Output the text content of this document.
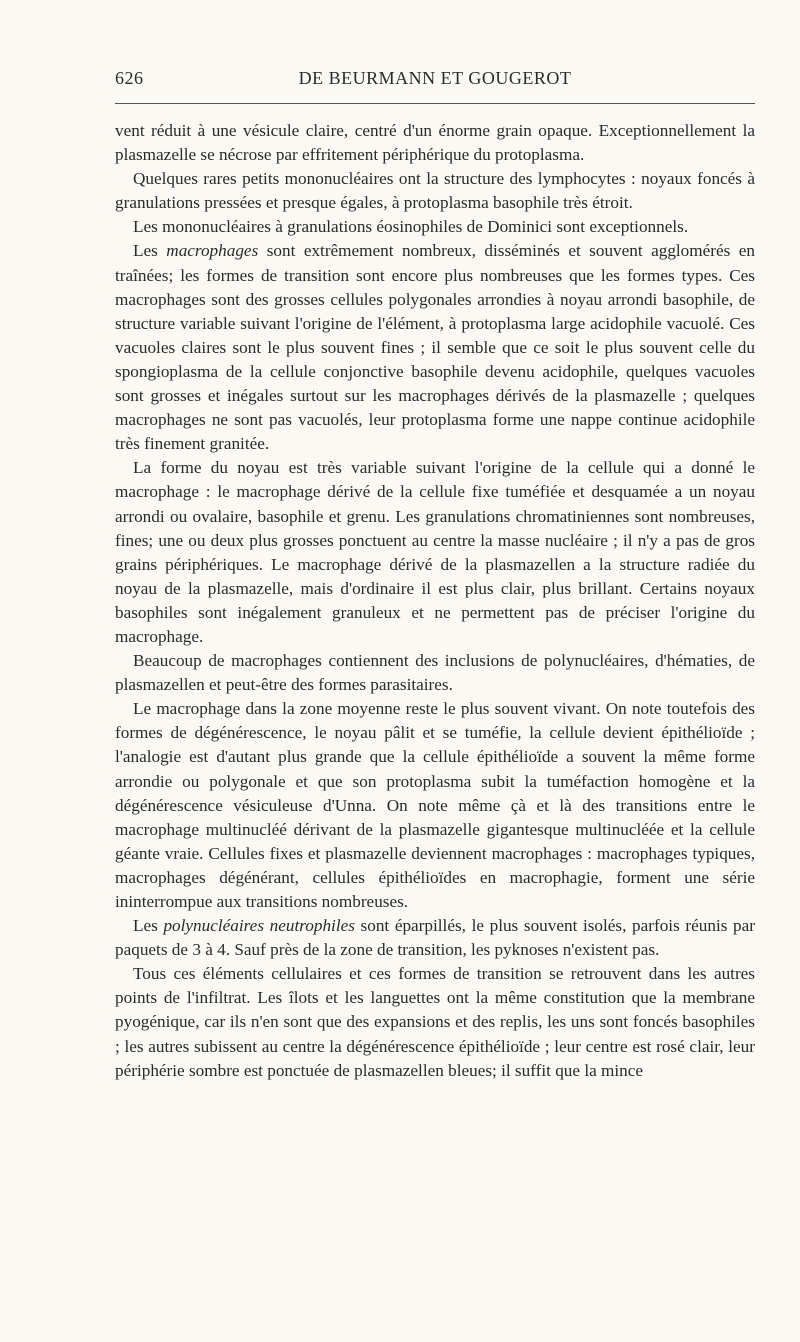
626	DE BEURMANN ET GOUGEROT

vent réduit à une vésicule claire, centré d'un énorme grain opaque. Exceptionnellement la plasmazelle se nécrose par effritement périphérique du protoplasma.

Quelques rares petits mononucléaires ont la structure des lymphocytes : noyaux foncés à granulations pressées et presque égales, à protoplasma basophile très étroit.

Les mononucléaires à granulations éosinophiles de Dominici sont exceptionnels.

Les macrophages sont extrêmement nombreux, disséminés et souvent agglomérés en traînées; les formes de transition sont encore plus nombreuses que les formes types. Ces macrophages sont des grosses cellules polygonales arrondies à noyau arrondi basophile, de structure variable suivant l'origine de l'élément, à protoplasma large acidophile vacuolé. Ces vacuoles claires sont le plus souvent fines ; il semble que ce soit le plus souvent celle du spongioplasma de la cellule conjonctive basophile devenu acidophile, quelques vacuoles sont grosses et inégales surtout sur les macrophages dérivés de la plasmazelle ; quelques macrophages ne sont pas vacuolés, leur protoplasma forme une nappe continue acidophile très finement granitée.

La forme du noyau est très variable suivant l'origine de la cellule qui a donné le macrophage : le macrophage dérivé de la cellule fixe tuméfiée et desquamée a un noyau arrondi ou ovalaire, basophile et grenu. Les granulations chromatiniennes sont nombreuses, fines; une ou deux plus grosses ponctuent au centre la masse nucléaire ; il n'y a pas de gros grains périphériques. Le macrophage dérivé de la plasmazellen a la structure radiée du noyau de la plasmazelle, mais d'ordinaire il est plus clair, plus brillant. Certains noyaux basophiles sont inégalement granuleux et ne permettent pas de préciser l'origine du macrophage.

Beaucoup de macrophages contiennent des inclusions de polynucléaires, d'hématies, de plasmazellen et peut-être des formes parasitaires.

Le macrophage dans la zone moyenne reste le plus souvent vivant. On note toutefois des formes de dégénérescence, le noyau pâlit et se tuméfie, la cellule devient épithélioïde ; l'analogie est d'autant plus grande que la cellule épithélioïde a souvent la même forme arrondie ou polygonale et que son protoplasma subit la tuméfaction homogène et la dégénérescence vésiculeuse d'Unna. On note même çà et là des transitions entre le macrophage multinucléé dérivant de la plasmazelle gigantesque multinucléée et la cellule géante vraie. Cellules fixes et plasmazelle deviennent macrophages : macrophages typiques, macrophages dégénérant, cellules épithélioïdes en macrophagie, forment une série ininterrompue aux transitions nombreuses.

Les polynucléaires neutrophiles sont éparpillés, le plus souvent isolés, parfois réunis par paquets de 3 à 4. Sauf près de la zone de transition, les pyknoses n'existent pas.

Tous ces éléments cellulaires et ces formes de transition se retrouvent dans les autres points de l'infiltrat. Les îlots et les languettes ont la même constitution que la membrane pyogénique, car ils n'en sont que des expansions et des replis, les uns sont foncés basophiles ; les autres subissent au centre la dégénérescence épithélioïde ; leur centre est rosé clair, leur périphérie sombre est ponctuée de plasmazellen bleues; il suffit que la mince
